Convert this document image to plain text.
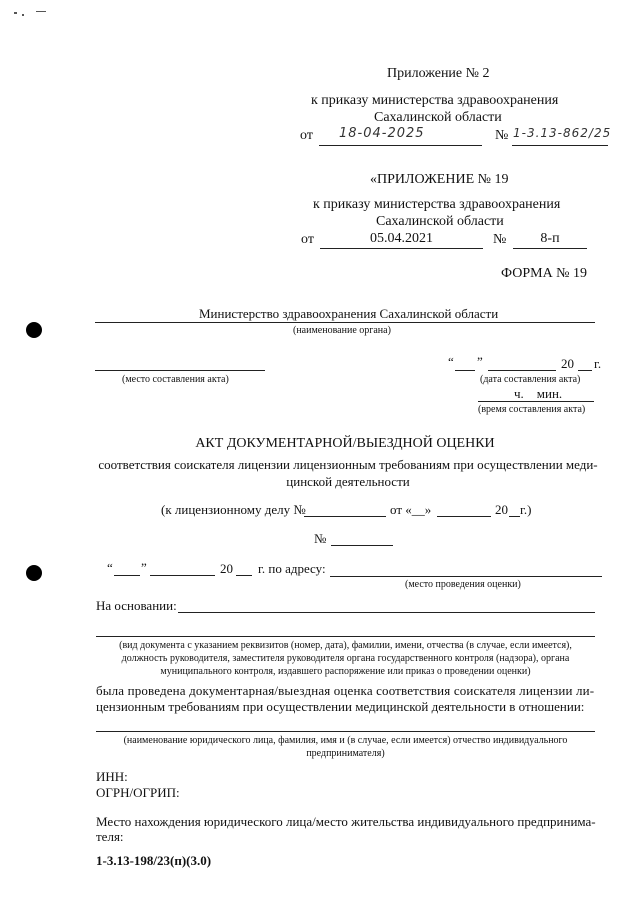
Приложение № 2
к приказу министерства здравоохранения
Сахалинской области
от 18-04-2025	№ 1-3.13-862/25
«ПРИЛОЖЕНИЕ № 19
к приказу министерства здравоохранения
Сахалинской области
от	05.04.2021	№	8-п
ФОРМА № 19
Министерство здравоохранения Сахалинской области
(наименование органа)
(место составления акта)
“ ”	20 г.
(дата составления акта)
ч.    мин.
(время составления акта)
АКТ ДОКУМЕНТАРНОЙ/ВЫЕЗДНОЙ ОЦЕНКИ
соответствия соискателя лицензии лицензионным требованиям при осуществлении меди-
цинской деятельности
(к лицензионному делу №	от «__»	20 г.)
№
“ ”	20 г. по адресу:
(место проведения оценки)
На основании:
(вид документа с указанием реквизитов (номер, дата), фамилии, имени, отчества (в случае, если имеется),
должность руководителя, заместителя руководителя органа государственного контроля (надзора), органа
муниципального контроля, издавшего распоряжение или приказ о проведении оценки)
была проведена документарная/выездная оценка соответствия соискателя лицензии ли-
цензионным требованиям при осуществлении медицинской деятельности в отношении:
(наименование юридического лица, фамилия, имя и (в случае, если имеется) отчество индивидуального
предпринимателя)
ИНН:
ОГРН/ОГРИП:
Место нахождения юридического лица/место жительства индивидуального предпринима-
теля:
1-3.13-198/23(п)(3.0)
